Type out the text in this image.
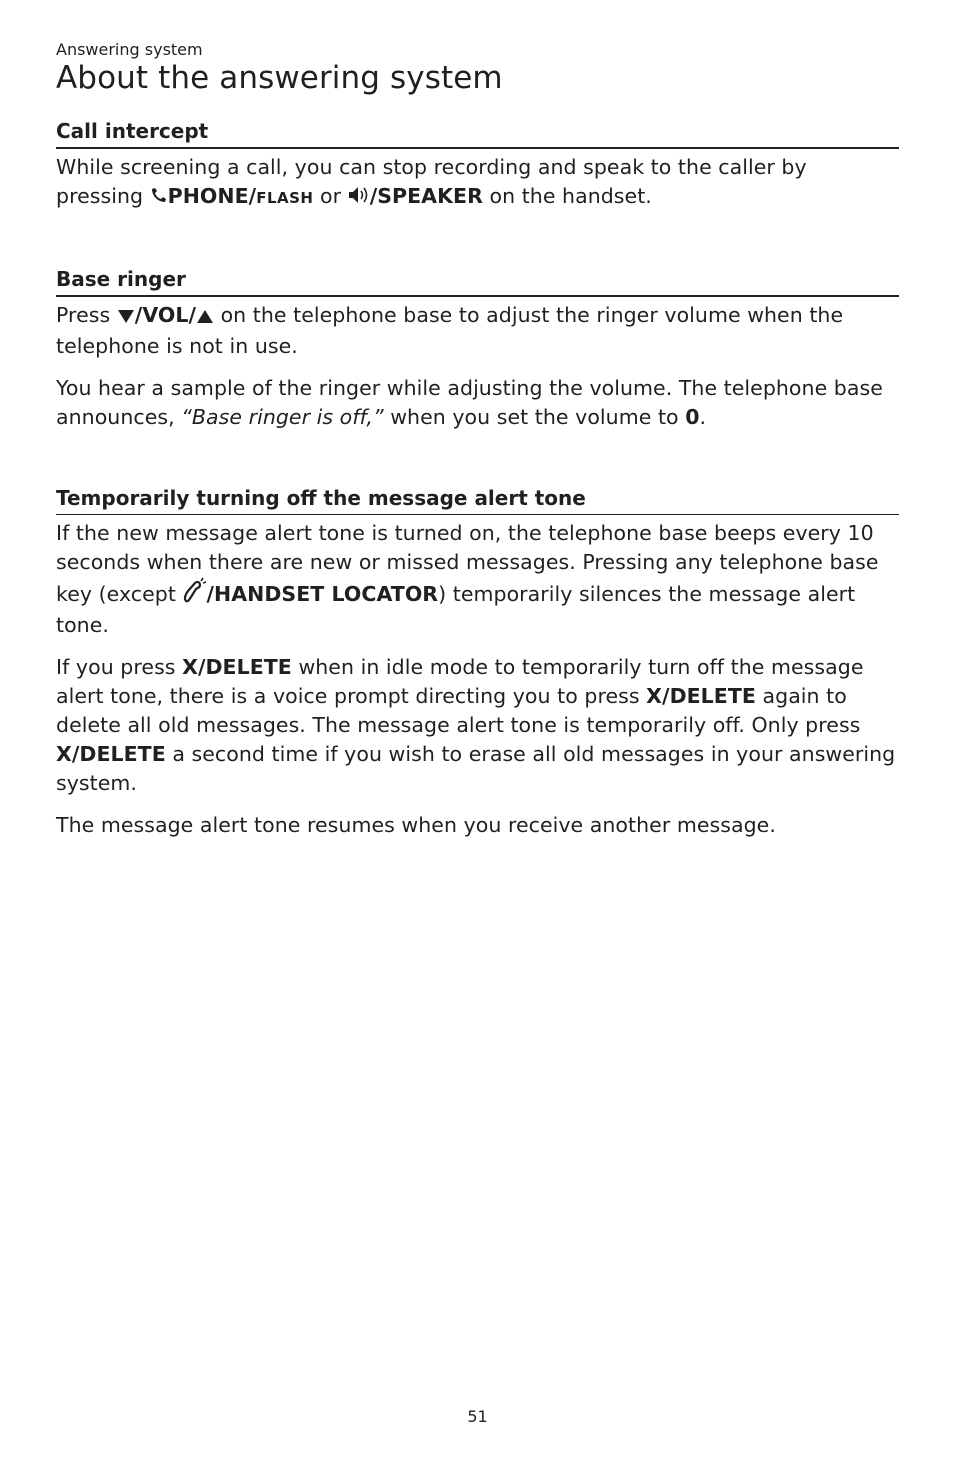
Answering system
About the answering system
Call intercept

While screening a call, you can stop recording and speak to the caller by pressing PHONE/FLASH or /SPEAKER on the handset.

Base ringer

Press /VOL/ on the telephone base to adjust the ringer volume when the telephone is not in use.

You hear a sample of the ringer while adjusting the volume. The telephone base announces, “Base ringer is off,” when you set the volume to 0.

Temporarily turning off the message alert tone

If the new message alert tone is turned on, the telephone base beeps every 10 seconds when there are new or missed messages. Pressing any telephone base key (except /HANDSET LOCATOR) temporarily silences the message alert tone.

If you press X/DELETE when in idle mode to temporarily turn off the message alert tone, there is a voice prompt directing you to press X/DELETE again to delete all old messages. The message alert tone is temporarily off. Only press X/DELETE a second time if you wish to erase all old messages in your answering system.

The message alert tone resumes when you receive another message.

51
